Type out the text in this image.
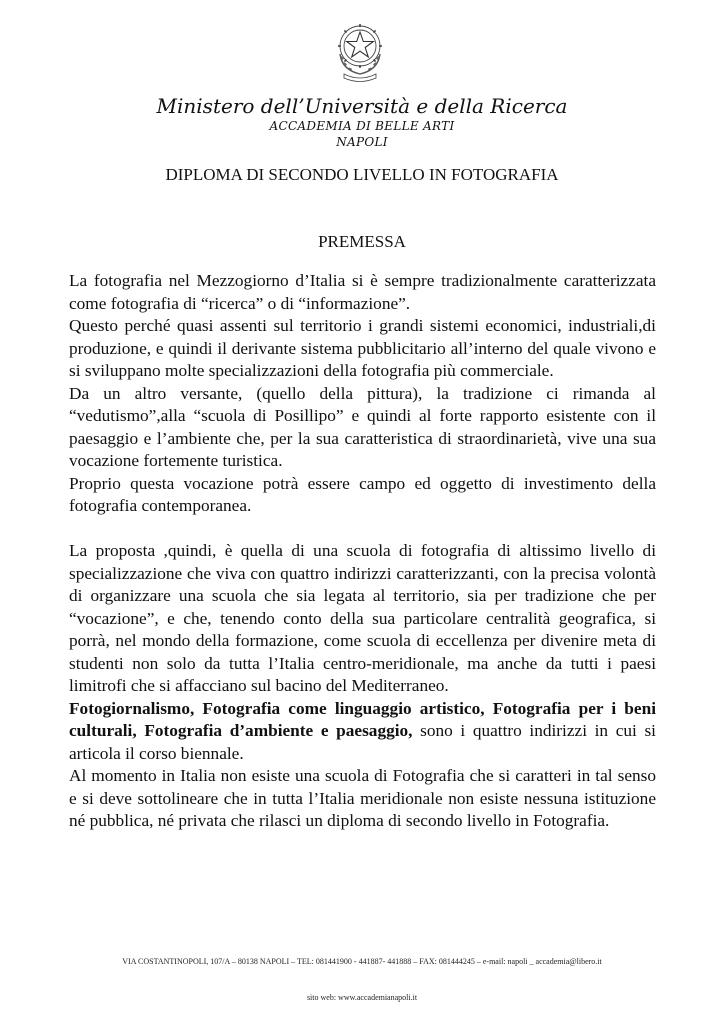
Ministero dell’Università e della Ricerca
ACCADEMIA DI BELLE ARTI
NAPOLI
DIPLOMA DI SECONDO LIVELLO IN FOTOGRAFIA
PREMESSA

La fotografia nel Mezzogiorno d’Italia si è sempre tradizionalmente caratterizzata come fotografia di “ricerca” o di “informazione”.

Questo perché quasi assenti sul territorio i grandi sistemi economici, industriali,di produzione, e quindi il derivante sistema pubblicitario all’interno del quale vivono e si sviluppano molte specializzazioni della fotografia più commerciale.

Da un altro versante, (quello della pittura), la tradizione ci rimanda al “vedutismo”,alla “scuola di Posillipo” e quindi al forte rapporto esistente con il paesaggio e l’ambiente che, per la sua caratteristica di straordinarietà, vive una sua vocazione fortemente turistica.

Proprio questa vocazione potrà essere campo ed oggetto di investimento della fotografia contemporanea.

La proposta ,quindi, è quella di una scuola di fotografia di altissimo livello di specializzazione che viva con quattro indirizzi caratterizzanti, con la precisa volontà di organizzare una scuola che sia legata al territorio, sia per tradizione che per “vocazione”, e che, tenendo conto della sua particolare centralità geografica, si porrà, nel mondo della formazione, come scuola di eccellenza per divenire meta di studenti non solo da tutta l’Italia centro-meridionale, ma anche da tutti i paesi limitrofi che si affacciano sul bacino del Mediterraneo.

Fotogiornalismo, Fotografia come linguaggio artistico, Fotografia per i beni culturali, Fotografia d’ambiente e paesaggio, sono i quattro indirizzi in cui si articola il corso biennale.

Al momento in Italia non esiste una scuola di Fotografia che si caratteri in tal senso e si deve sottolineare che in tutta l’Italia meridionale non esiste nessuna istituzione né pubblica, né privata che rilasci un diploma di secondo livello in Fotografia.

VIA COSTANTINOPOLI, 107/A – 80138 NAPOLI – TEL: 081441900 - 441887- 441888 – FAX: 081444245 – e-mail: napoli _ accademia@libero.it
sito web: www.accademianapoli.it
